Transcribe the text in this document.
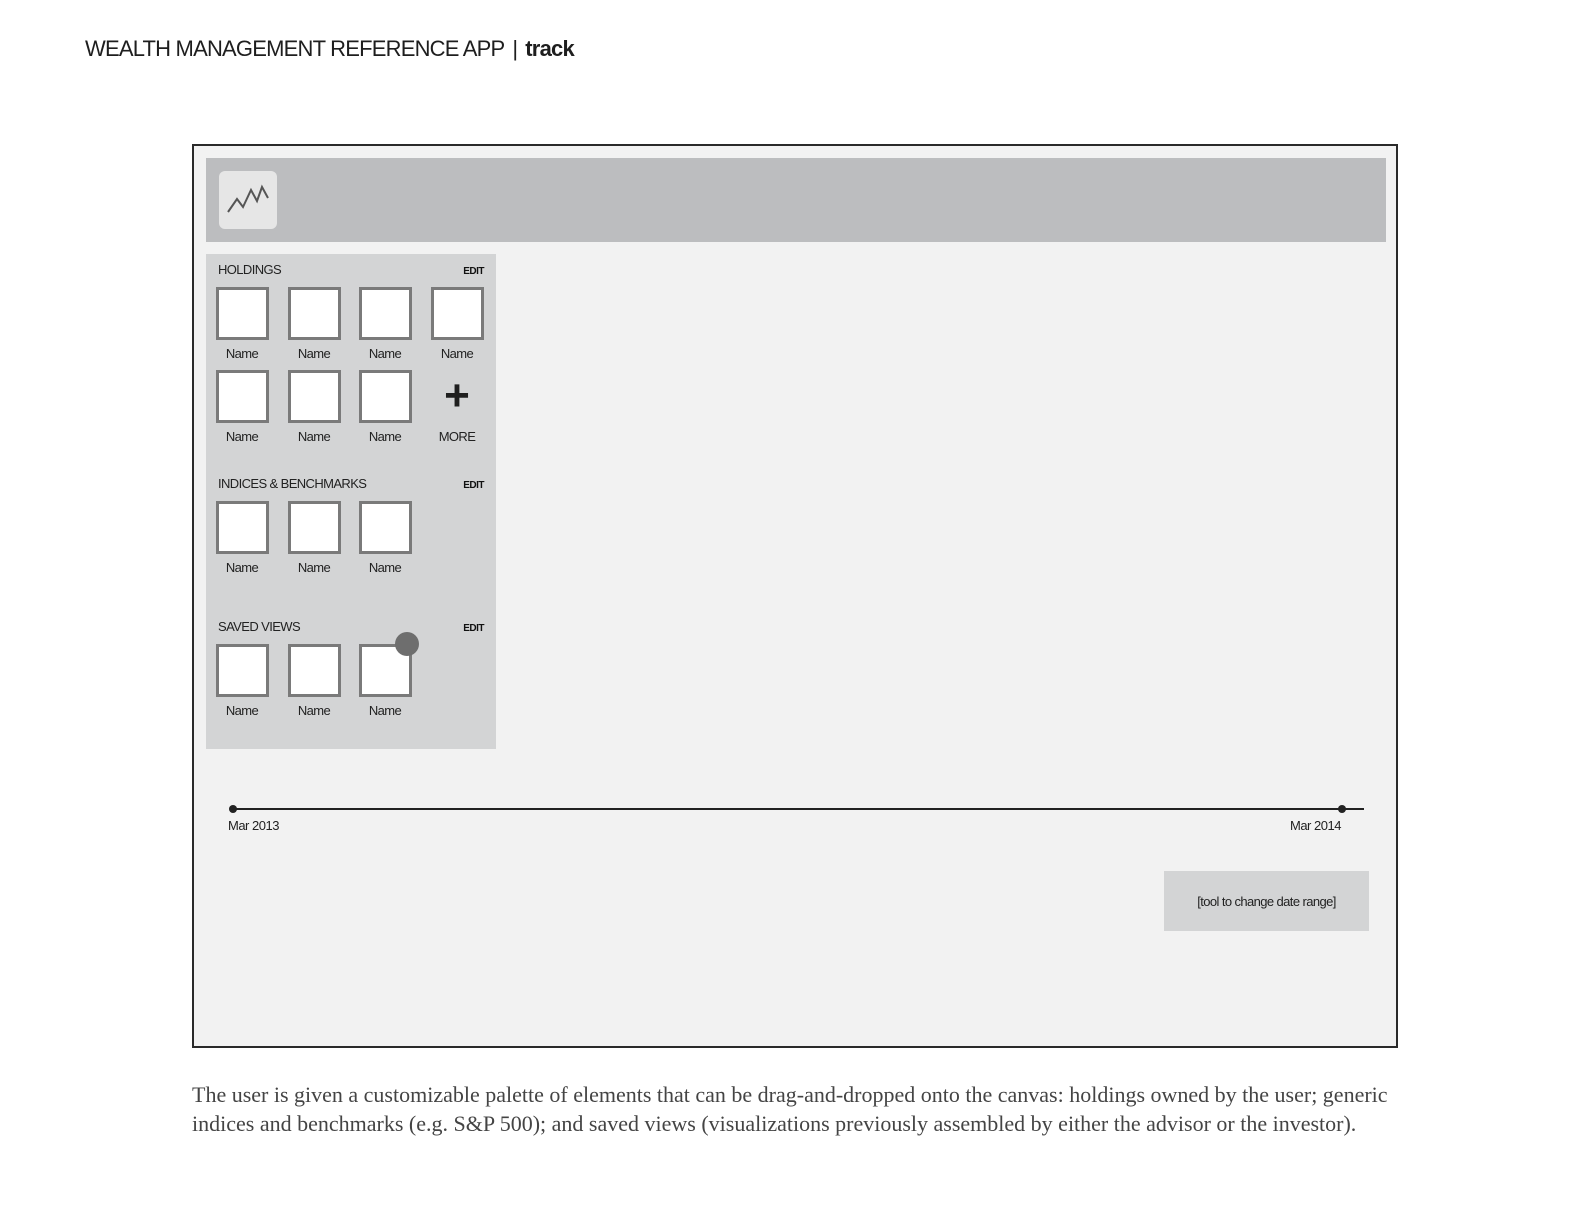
WEALTH MANAGEMENT REFERENCE APP | track
HOLDINGS	EDIT
Name	Name	Name	Name
+
Name	Name	Name	MORE
INDICES & BENCHMARKS	EDIT
Name	Name	Name
SAVED VIEWS	EDIT
Name	Name	Name
Mar 2013	Mar 2014
[tool to change date range]
The user is given a customizable palette of elements that can be drag-and-dropped onto the canvas: holdings owned by the user; generic indices and benchmarks (e.g. S&P 500); and saved views (visualizations previously assembled by either the advisor or the investor).
